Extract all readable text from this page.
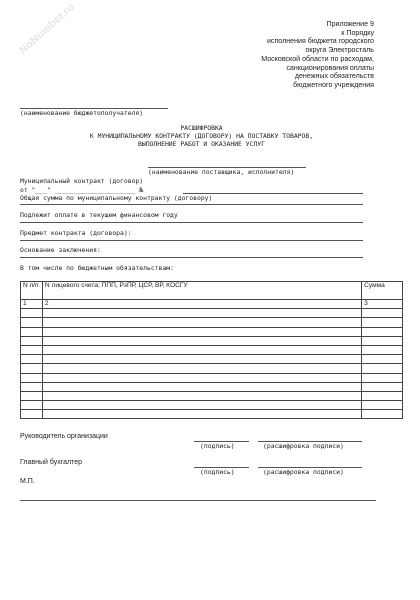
NoNumber.ru	Приложение 9
к Порядку
исполнения бюджета городского
округа Электросталь
Московской области по расходам,
санкционирования оплаты
денежных обязательств
бюджетного учреждения
(наименование бюджетополучателя)
РАСШИФРОВКА
К МУНИЦИПАЛЬНОМУ КОНТРАКТУ (ДОГОВОРУ) НА ПОСТАВКУ ТОВАРОВ,
ВЫПОЛНЕНИЕ РАБОТ И ОКАЗАНИЕ УСЛУГ
(наименование поставщика, исполнителя)
Муниципальный контракт (договор)
от "___" _____________________ №
Общая сумма по муниципальному контракту (договору)
Подлежит оплате в текущем финансовом году
Предмет контракта (договора):
Основание заключения:
В том числе по бюджетным обязательствам:
N п/п	N лицевого счета; ППП, РзПР, ЦСР, ВР, КОСГУ	Сумма
1	2	3

Руководитель организации
(подпись)	(расшифровка подписи)
Главный бухгалтер
(подпись)	(расшифровка подписи)
М.П.
